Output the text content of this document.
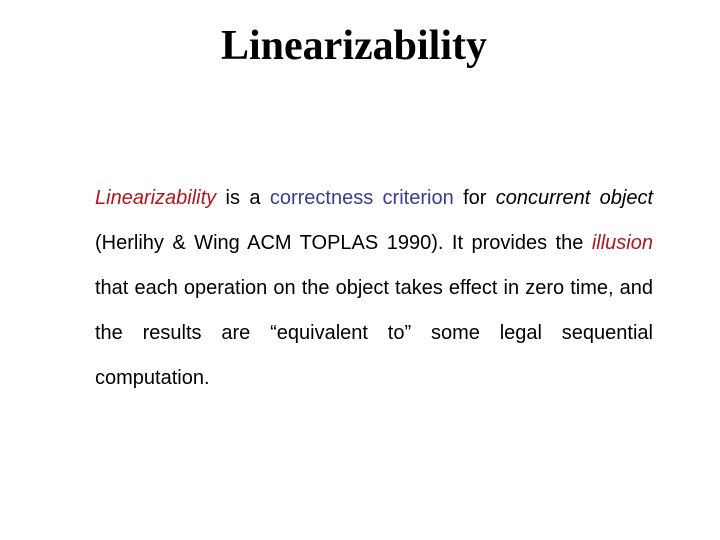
Linearizability

Linearizability is a correctness criterion for concurrent object (Herlihy & Wing ACM TOPLAS 1990). It provides the illusion that each operation on the object takes effect in zero time, and the results are “equivalent to” some legal sequential computation.
